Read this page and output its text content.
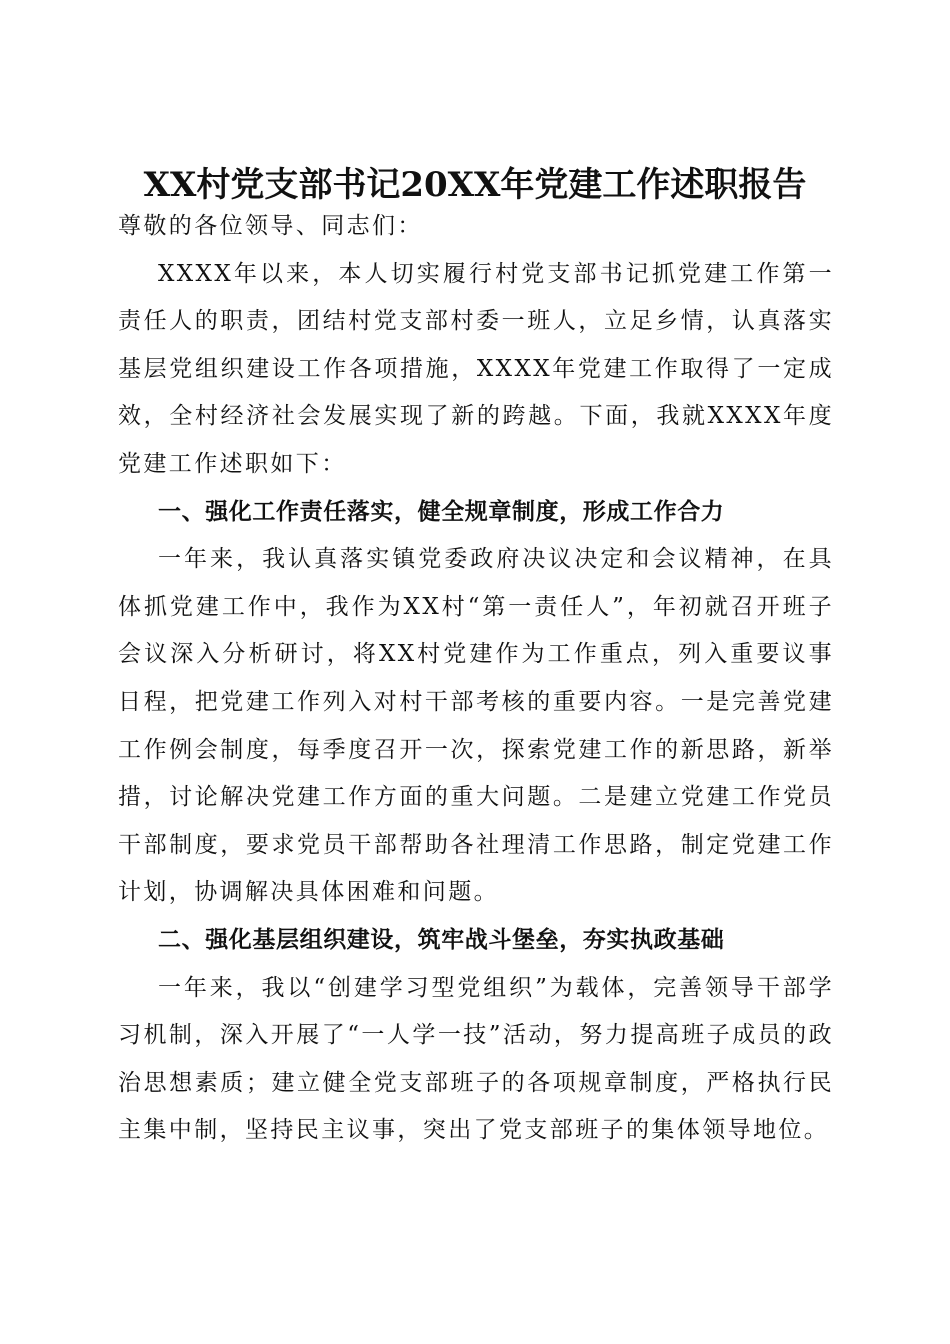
XX村党支部书记20XX年党建工作述职报告

尊敬的各位领导、同志们：

XXXX年以来，本人切实履行村党支部书记抓党建工作第一责任人的职责，团结村党支部村委一班人，立足乡情，认真落实基层党组织建设工作各项措施，XXXX年党建工作取得了一定成效，全村经济社会发展实现了新的跨越。下面，我就XXXX年度党建工作述职如下：

一、强化工作责任落实，健全规章制度，形成工作合力

一年来，我认真落实镇党委政府决议决定和会议精神，在具体抓党建工作中，我作为XX村“第一责任人”，年初就召开班子会议深入分析研讨，将XX村党建作为工作重点，列入重要议事日程，把党建工作列入对村干部考核的重要内容。一是完善党建工作例会制度，每季度召开一次，探索党建工作的新思路，新举措，讨论解决党建工作方面的重大问题。二是建立党建工作党员干部制度，要求党员干部帮助各社理清工作思路，制定党建工作计划，协调解决具体困难和问题。

二、强化基层组织建设，筑牢战斗堡垒，夯实执政基础

一年来，我以“创建学习型党组织”为载体，完善领导干部学习机制，深入开展了“一人学一技”活动，努力提高班子成员的政治思想素质；建立健全党支部班子的各项规章制度，严格执行民主集中制，坚持民主议事，突出了党支部班子的集体领导地位。
